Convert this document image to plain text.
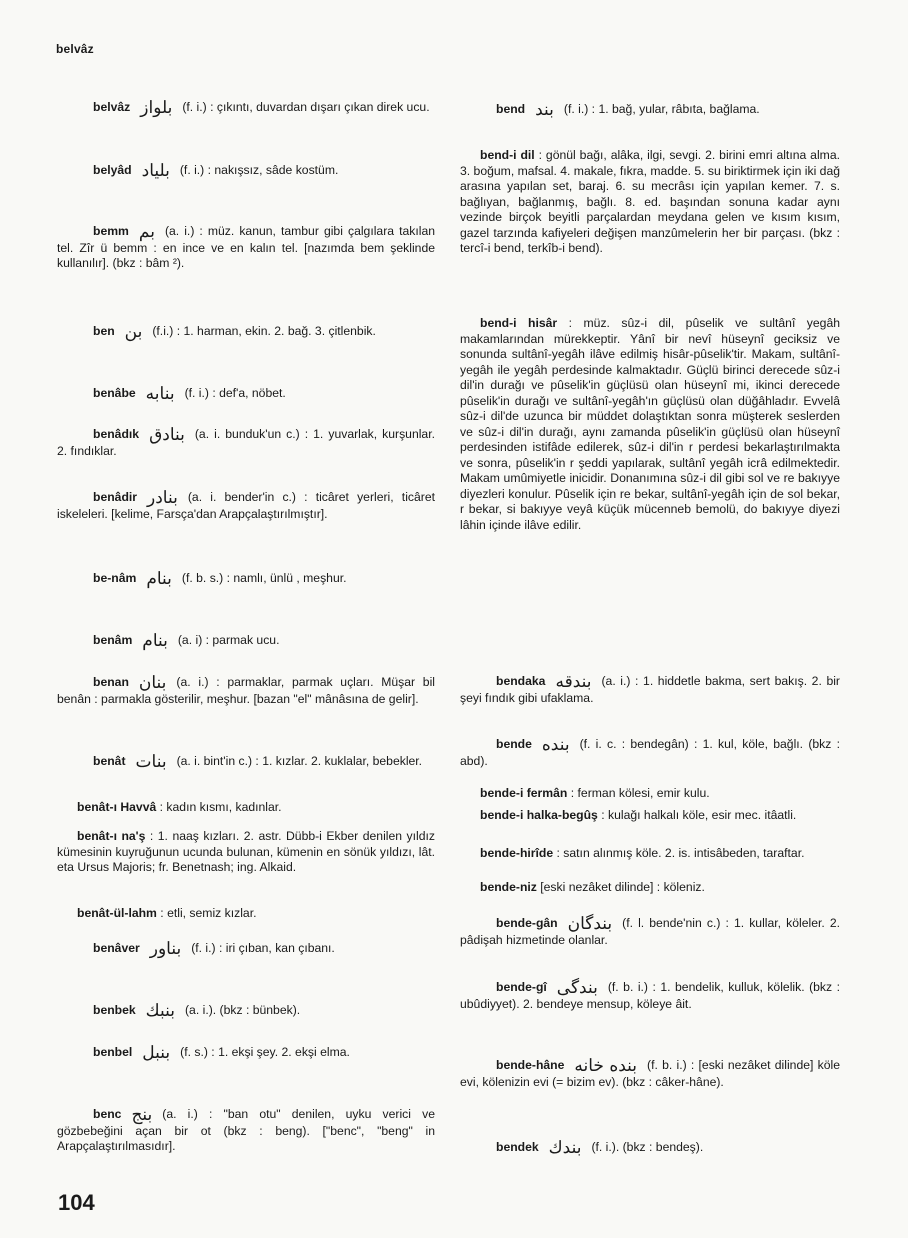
belvâz

belvâz بلواز (f. i.) : çıkıntı, duvardan dışarı çıkan direk ucu.

belyâd بلياد (f. i.) : nakışsız, sâde kostüm.

bemm بم (a. i.) : müz. kanun, tambur gibi çalgılara takılan tel. Zîr ü bemm : en ince ve en kalın tel. [nazımda bem şeklinde kullanılır]. (bkz : bâm ²).

ben بن (f.i.) : 1. harman, ekin. 2. bağ. 3. çitlenbik.

benâbe بنابه (f. i.) : def'a, nöbet.

benâdık بنادق (a. i. bunduk'un c.) : 1. yuvarlak, kurşunlar. 2. fındıklar.

benâdir بنادر (a. i. bender'in c.) : ticâret yerleri, ticâret iskeleleri. [kelime, Farsça'dan Arapçalaştırılmıştır].

be-nâm بنام (f. b. s.) : namlı, ünlü , meşhur.

benâm بنام (a. i) : parmak ucu.

benan بنان (a. i.) : parmaklar, parmak uçları. Müşar bil benân : parmakla gösterilir, meşhur. [bazan "el" mânâsına de gelir].

benât بنات (a. i. bint'in c.) : 1. kızlar. 2. kuklalar, bebekler.

benât-ı Havvâ : kadın kısmı, kadınlar.

benât-ı na'ş : 1. naaş kızları. 2. astr. Dübb-i Ekber denilen yıldız kümesinin kuyruğunun ucunda bulunan, kümenin en sönük yıldızı, lât. eta Ursus Majoris; fr. Benetnash; ing. Alkaid.

benât-ül-lahm : etli, semiz kızlar.

benâver بناور (f. i.) : iri çıban, kan çıbanı.

benbek بنبك (a. i.). (bkz : bünbek).

benbel بنبل (f. s.) : 1. ekşi şey. 2. ekşi elma.

benc بنج (a. i.) : "ban otu" denilen, uyku verici ve gözbebeğini açan bir ot (bkz : beng). ["benc", "beng" in Arapçalaştırılmasıdır].

bend بند (f. i.) : 1. bağ, yular, râbıta, bağlama.

bend-i dil : gönül bağı, alâka, ilgi, sevgi. 2. birini emri altına alma. 3. boğum, mafsal. 4. makale, fıkra, madde. 5. su biriktirmek için iki dağ arasına yapılan set, baraj. 6. su mecrâsı için yapılan kemer. 7. s. bağlıyan, bağlanmış, bağlı. 8. ed. başından sonuna kadar aynı vezinde birçok beyitli parçalardan meydana gelen ve kısım kısım, gazel tarzında kafiyeleri değişen manzûmelerin her bir parçası. (bkz : tercî-i bend, terkîb-i bend).

bend-i hisâr : müz. sûz-i dil, pûselik ve sultânî yegâh makamlarından mürekkeptir. Yânî bir nevî hüseynî geciksiz ve sonunda sultânî-yegâh ilâve edilmiş hisâr-pûselik'tir. Makam, sultânî-yegâh ile yegâh perdesinde kalmaktadır. Güçlü birinci derecede sûz-i dil'in durağı ve pûselik'in güçlüsü olan hüseynî mi, ikinci derecede pûselik'in durağı ve sultânî-yegâh'ın güçlüsü olan düğâhladır. Evvelâ sûz-i dil'de uzunca bir müddet dolaştıktan sonra müşterek seslerden ve sûz-i dil'in durağı, aynı zamanda pûselik'in güçlüsü olan hüseynî perdesinden istifâde edilerek, sûz-i dil'in r perdesi bekarlaştırılmakta ve sonra, pûselik'in r şeddi yapılarak, sultânî yegâh icrâ edilmektedir. Makam umûmiyetle inicidir. Donanımına sûz-i dil gibi sol ve re bakıyye diyezleri konulur. Pûselik için re bekar, sultânî-yegâh için de sol bekar, r bekar, si bakıyye veyâ küçük mücenneb bemolü, do bakıyye diyezi lâhin içinde ilâve edilir.

bendaka بندقه (a. i.) : 1. hiddetle bakma, sert bakış. 2. bir şeyi fındık gibi ufaklama.

bende بنده (f. i. c. : bendegân) : 1. kul, köle, bağlı. (bkz : abd).

bende-i fermân : ferman kölesi, emir kulu.

bende-i halka-begûş : kulağı halkalı köle, esir mec. itâatli.

bende-hirîde : satın alınmış köle. 2. is. intisâbeden, taraftar.

bende-niz [eski nezâket dilinde] : köleniz.

bende-gân بندگان (f. l. bende'nin c.) : 1. kullar, köleler. 2. pâdişah hizmetinde olanlar.

bende-gî بندگى (f. b. i.) : 1. bendelik, kulluk, kölelik. (bkz : ubûdiyyet). 2. bendeye mensup, köleye âit.

bende-hâne بنده خانه (f. b. i.) : [eski nezâket dilinde] köle evi, kölenizin evi (= bizim ev). (bkz : câker-hâne).

bendek بندك (f. i.). (bkz : bendeş).

104
